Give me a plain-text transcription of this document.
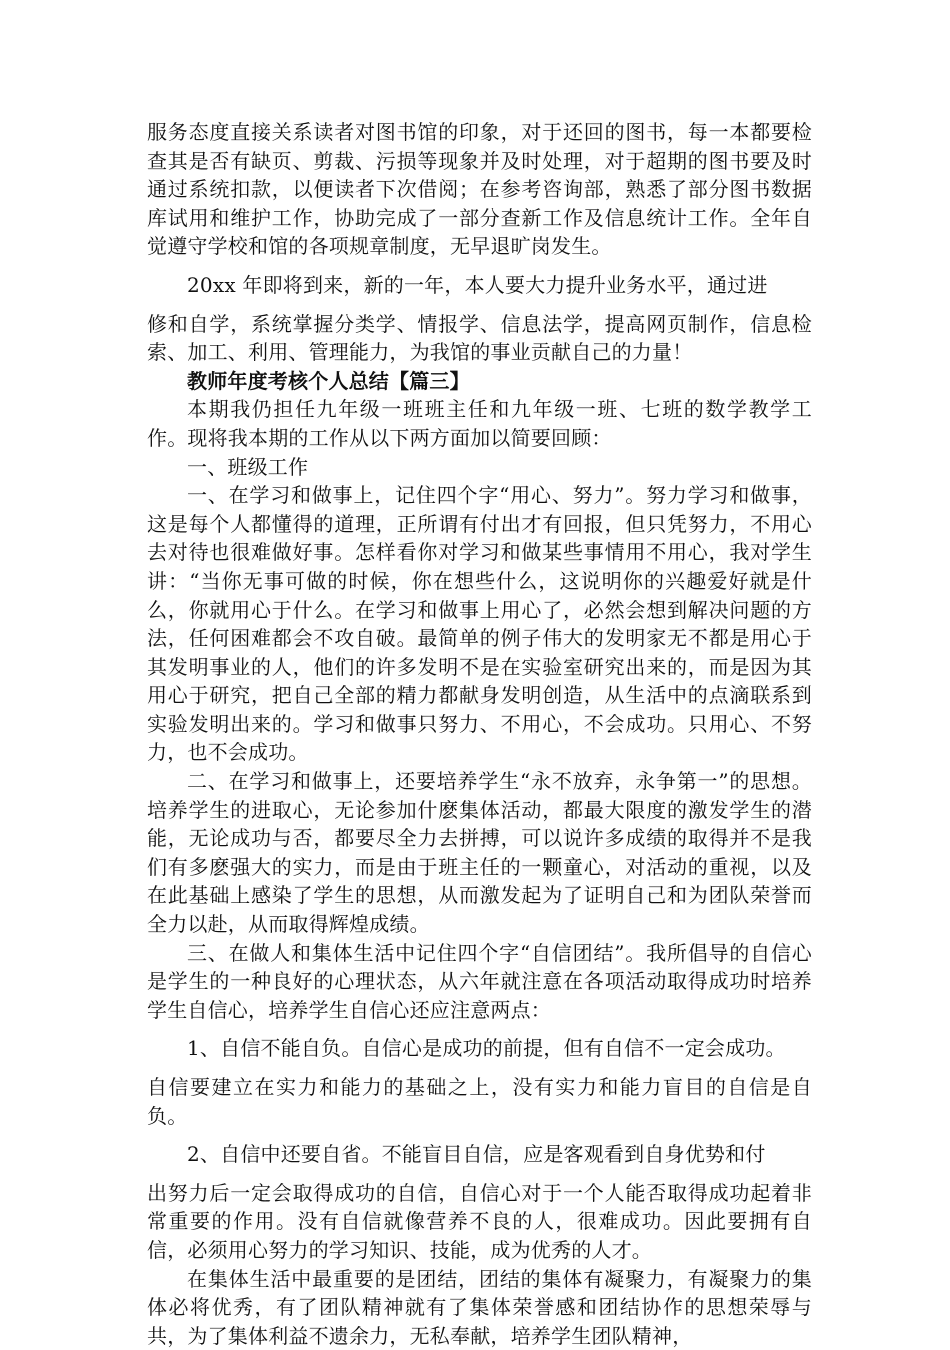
服务态度直接关系读者对图书馆的印象，对于还回的图书，每一本都要检查其是否有缺页、剪裁、污损等现象并及时处理，对于超期的图书要及时通过系统扣款，以便读者下次借阅；在参考咨询部，熟悉了部分图书数据库试用和维护工作，协助完成了一部分查新工作及信息统计工作。全年自觉遵守学校和馆的各项规章制度，无早退旷岗发生。

20xx 年即将到来，新的一年，本人要大力提升业务水平，通过进

修和自学，系统掌握分类学、情报学、信息法学，提高网页制作，信息检索、加工、利用、管理能力，为我馆的事业贡献自己的力量！

教师年度考核个人总结【篇三】

本期我仍担任九年级一班班主任和九年级一班、七班的数学教学工作。现将我本期的工作从以下两方面加以简要回顾：

一、班级工作

一、在学习和做事上，记住四个字“用心、努力”。努力学习和做事，这是每个人都懂得的道理，正所谓有付出才有回报，但只凭努力，不用心去对待也很难做好事。怎样看你对学习和做某些事情用不用心，我对学生讲：“当你无事可做的时候，你在想些什么，这说明你的兴趣爱好就是什么，你就用心于什么。在学习和做事上用心了，必然会想到解决问题的方法，任何困难都会不攻自破。最简单的例子伟大的发明家无不都是用心于其发明事业的人，他们的许多发明不是在实验室研究出来的，而是因为其用心于研究，把自己全部的精力都献身发明创造，从生活中的点滴联系到实验发明出来的。学习和做事只努力、不用心，不会成功。只用心、不努力，也不会成功。

二、在学习和做事上，还要培养学生“永不放弃，永争第一”的思想。培养学生的进取心，无论参加什麽集体活动，都最大限度的激发学生的潜能，无论成功与否，都要尽全力去拼搏，可以说许多成绩的取得并不是我们有多麽强大的实力，而是由于班主任的一颗童心，对活动的重视，以及在此基础上感染了学生的思想，从而激发起为了证明自己和为团队荣誉而全力以赴，从而取得辉煌成绩。

三、在做人和集体生活中记住四个字“自信团结”。我所倡导的自信心是学生的一种良好的心理状态，从六年就注意在各项活动取得成功时培养学生自信心，培养学生自信心还应注意两点：

1、自信不能自负。自信心是成功的前提，但有自信不一定会成功。

自信要建立在实力和能力的基础之上，没有实力和能力盲目的自信是自负。

2、自信中还要自省。不能盲目自信，应是客观看到自身优势和付

出努力后一定会取得成功的自信，自信心对于一个人能否取得成功起着非常重要的作用。没有自信就像营养不良的人，很难成功。因此要拥有自信，必须用心努力的学习知识、技能，成为优秀的人才。

在集体生活中最重要的是团结，团结的集体有凝聚力，有凝聚力的集体必将优秀，有了团队精神就有了集体荣誉感和团结协作的思想荣辱与共，为了集体利益不遗余力，无私奉献，培养学生团队精神，
